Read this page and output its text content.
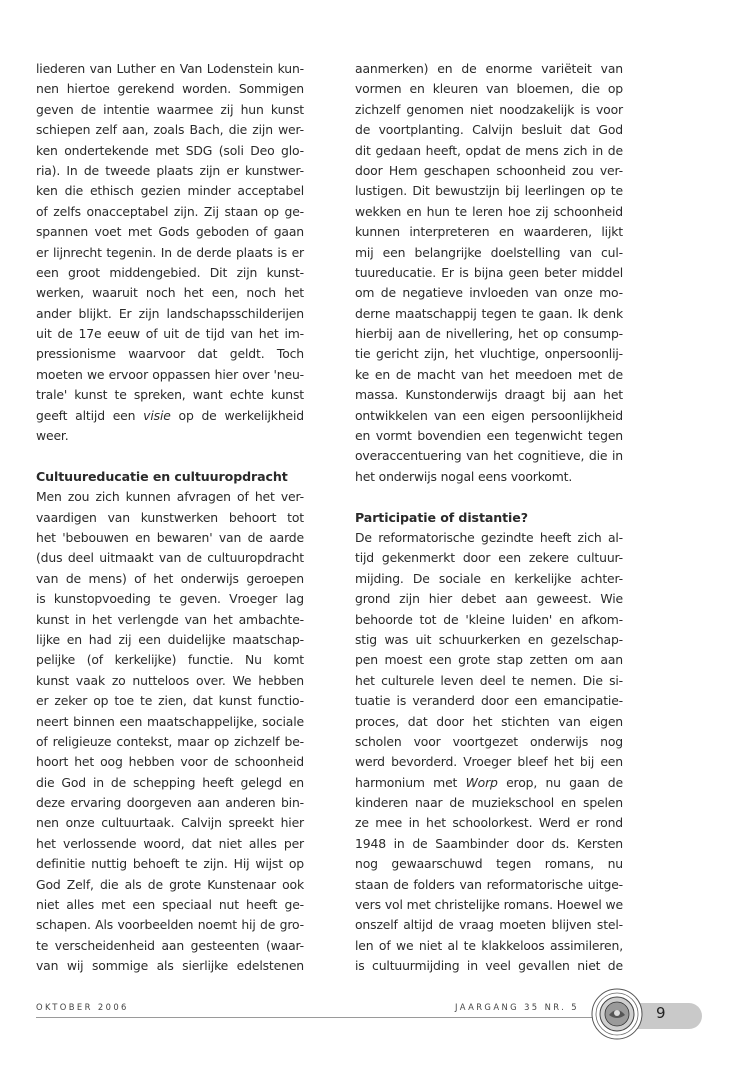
liederen van Luther en Van Lodenstein kun-
nen hiertoe gerekend worden. Sommigen
geven de intentie waarmee zij hun kunst
schiepen zelf aan, zoals Bach, die zijn wer-
ken ondertekende met SDG (soli Deo glo-
ria). In de tweede plaats zijn er kunstwer-
ken die ethisch gezien minder acceptabel
of zelfs onacceptabel zijn. Zij staan op ge-
spannen voet met Gods geboden of gaan
er lijnrecht tegenin. In de derde plaats is er
een groot middengebied. Dit zijn kunst-
werken, waaruit noch het een, noch het
ander blijkt. Er zijn landschapsschilderijen
uit de 17e eeuw of uit de tijd van het im-
pressionisme waarvoor dat geldt. Toch
moeten we ervoor oppassen hier over 'neu-
trale' kunst te spreken, want echte kunst
geeft altijd een visie op de werkelijkheid
weer.
Cultuureducatie en cultuuropdracht
Men zou zich kunnen afvragen of het ver-
vaardigen van kunstwerken behoort tot
het 'bebouwen en bewaren' van de aarde
(dus deel uitmaakt van de cultuuropdracht
van de mens) of het onderwijs geroepen
is kunstopvoeding te geven. Vroeger lag
kunst in het verlengde van het ambachte-
lijke en had zij een duidelijke maatschap-
pelijke (of kerkelijke) functie. Nu komt
kunst vaak zo nutteloos over. We hebben
er zeker op toe te zien, dat kunst functio-
neert binnen een maatschappelijke, sociale
of religieuze contekst, maar op zichzelf be-
hoort het oog hebben voor de schoonheid
die God in de schepping heeft gelegd en
deze ervaring doorgeven aan anderen bin-
nen onze cultuurtaak. Calvijn spreekt hier
het verlossende woord, dat niet alles per
definitie nuttig behoeft te zijn. Hij wijst op
God Zelf, die als de grote Kunstenaar ook
niet alles met een speciaal nut heeft ge-
schapen. Als voorbeelden noemt hij de gro-
te verscheidenheid aan gesteenten (waar-
van wij sommige als sierlijke edelstenen
aanmerken) en de enorme variëteit van
vormen en kleuren van bloemen, die op
zichzelf genomen niet noodzakelijk is voor
de voortplanting. Calvijn besluit dat God
dit gedaan heeft, opdat de mens zich in de
door Hem geschapen schoonheid zou ver-
lustigen. Dit bewustzijn bij leerlingen op te
wekken en hun te leren hoe zij schoonheid
kunnen interpreteren en waarderen, lijkt
mij een belangrijke doelstelling van cul-
tuureducatie. Er is bijna geen beter middel
om de negatieve invloeden van onze mo-
derne maatschappij tegen te gaan. Ik denk
hierbij aan de nivellering, het op consump-
tie gericht zijn, het vluchtige, onpersoonlij-
ke en de macht van het meedoen met de
massa. Kunstonderwijs draagt bij aan het
ontwikkelen van een eigen persoonlijkheid
en vormt bovendien een tegenwicht tegen
overaccentuering van het cognitieve, die in
het onderwijs nogal eens voorkomt.
Participatie of distantie?
De reformatorische gezindte heeft zich al-
tijd gekenmerkt door een zekere cultuur-
mijding. De sociale en kerkelijke achter-
grond zijn hier debet aan geweest. Wie
behoorde tot de 'kleine luiden' en afkom-
stig was uit schuurkerken en gezelschap-
pen moest een grote stap zetten om aan
het culturele leven deel te nemen. Die si-
tuatie is veranderd door een emancipatie-
proces, dat door het stichten van eigen
scholen voor voortgezet onderwijs nog
werd bevorderd. Vroeger bleef het bij een
harmonium met Worp erop, nu gaan de
kinderen naar de muziekschool en spelen
ze mee in het schoolorkest. Werd er rond
1948 in de Saambinder door ds. Kersten
nog gewaarschuwd tegen romans, nu
staan de folders van reformatorische uitge-
vers vol met christelijke romans. Hoewel we
onszelf altijd de vraag moeten blijven stel-
len of we niet al te klakkeloos assimileren,
is cultuurmijding in veel gevallen niet de
OKTOBER 2006	JAARGANG 35 NR. 5	9
